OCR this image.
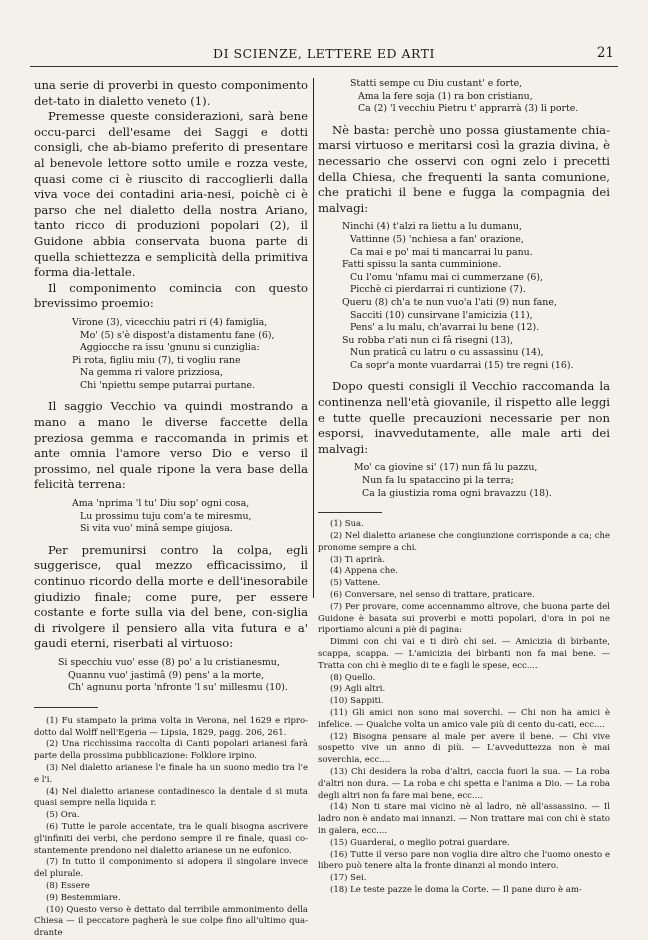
DI SCIENZE, LETTERE ED ARTI	21

una serie di proverbi in questo componimento det-tato in dialetto veneto (1).

Premesse queste considerazioni, sarà bene occu-parci dell'esame dei Saggi e dotti consigli, che ab-biamo preferito di presentare al benevole lettore sotto umile e rozza veste, quasi come ci è riuscito di raccoglierli dalla viva voce dei contadini aria-nesi, poichè ci è parso che nel dialetto della nostra Ariano, tanto ricco di produzioni popolari (2), il Guidone abbia conservata buona parte di quella schiettezza e semplicità della primitiva forma dia-lettale.

Il componimento comincia con questo brevissimo proemio:

Virone (3), vicecchiu patri ri (4) famiglia,
Mo' (5) s'è dispost'a distamentu fane (6),
Aggiocche ra issu 'gnunu si cunziglia:
Pi rota, figliu miu (7), ti vogliu rane
Na gemma ri valore prizziosa,
Chi 'npiettu sempe putarrai purtane.

Il saggio Vecchio va quindi mostrando a mano a mano le diverse faccette della preziosa gemma e raccomanda in primis et ante omnia l'amore verso Dio e verso il prossimo, nel quale ripone la vera base della felicità terrena:

Ama 'nprima 'l tu' Diu sop' ogni cosa,
Lu prossimu tuju com'a te miresmu,
Si vita vuo' minâ sempe giujosa.

Per premunirsi contro la colpa, egli suggerisce, qual mezzo efficacissimo, il continuo ricordo della morte e dell'inesorabile giudizio finale; come pure, per essere costante e forte sulla via del bene, con-siglia di rivolgere il pensiero alla vita futura e a' gaudi eterni, riserbati al virtuoso:

Si specchiu vuo' esse (8) po' a lu cristianesmu,
Quannu vuo' jastimâ (9) pens' a la morte,
Ch' agnunu porta 'nfronte 'l su' millesmu (10).

(1) Fu stampato la prima volta in Verona, nel 1629 e ripro-dotto dal Wolff nell'Egeria — Lipsia, 1829, pagg. 206, 261.

(2) Una ricchissima raccolta di Canti popolari arianesi farà parte della prossima pubblicazione: Folklore irpino.

(3) Nel dialetto arianese l'e finale ha un suono medio tra l'e e l'i.

(4) Nel dialetto arianese contadinesco la dentale d si muta quasi sempre nella liquida r.

(5) Ora.

(6) Tutte le parole accentate, tra le quali bisogna ascrivere gl'infiniti dei verbi, che perdono sempre il re finale, quasi co-stantemente prendono nel dialetto arianese un ne eufonico.

(7) In tutto il componimento si adopera il singolare invece del plurale.

(8) Essere

(9) Bestemmiare.

(10) Questo verso è dettato dal terribile ammonimento della Chiesa — il peccatore pagherà le sue colpe fino all'ultimo qua-drante

Statti sempe cu Diu custant' e forte,
Ama la fere soja (1) ra bon cristianu,
Ca (2) 'l vecchiu Pietru t' apprarrà (3) li porte.

Nè basta: perchè uno possa giustamente chia-marsi virtuoso e meritarsi così la grazia divina, è necessario che osservi con ogni zelo i precetti della Chiesa, che frequenti la santa comunione, che pratichi il bene e fugga la compagnia dei malvagi:

Ninchi (4) t'alzi ra liettu a lu dumanu,
Vattinne (5) 'nchiesa a fan' orazione,
Ca mai e po' mai ti mancarrai lu panu.
Fatti spissu la santa cumminione.
Cu l'omu 'nfamu mai ci cummerzane (6),
Picchè ci pierdarrai ri cuntizione (7).
Queru (8) ch'a te nun vuo'a l'ati (9) nun fane,
Sacciti (10) cunsirvane l'amicizia (11),
Pens' a lu malu, ch'avarrai lu bene (12).
Su robba r'ati nun ci fâ risegni (13),
Nun praticâ cu latru o cu assassinu (14),
Ca sopr'a monte vuardarrai (15) tre regni (16).

Dopo questi consigli il Vecchio raccomanda la continenza nell'età giovanile, il rispetto alle leggi e tutte quelle precauzioni necessarie per non esporsi, inavvedutamente, alle male arti dei malvagi:

Mo' ca giovine si' (17) nun fâ lu pazzu,
Nun fa lu spataccino pi la terra;
Ca la giustizia roma ogni bravazzu (18).

(1) Sua.

(2) Nel dialetto arianese che congiunzione corrisponde a ca; che pronome sempre a chi.

(3) Ti aprirà.

(4) Appena che.

(5) Vattene.

(6) Conversare, nel senso di trattare, praticare.

(7) Per provare, come accennammo altrove, che buona parte del Guidone è basata sui proverbi e motti popolari, d'ora in poi ne riportiamo alcuni a piè di pagina:

Dimmi con chi vai e ti dirò chi sei. — Amicizia di birbante, scappa, scappa. — L'amicizia dei birbanti non fa mai bene. — Tratta con chi è meglio di te e fagli le spese, ecc....

(8) Quello.

(9) Agli altri.

(10) Sappiti.

(11) Gli amici non sono mai soverchi. — Chi non ha amici è infelice. — Qualche volta un amico vale più di cento du-cati, ecc....

(12) Bisogna pensare al male per avere il bene. — Chi vive sospetto vive un anno di più. — L'avveduttezza non è mai soverchia, ecc....

(13) Chi desidera la roba d'altri, caccia fuori la sua. — La roba d'altri non dura. — La roba e chi spetta e l'anima a Dio. — La roba degli altri non fa fare mai bene, ecc....

(14) Non ti stare mai vicino nè al ladro, nè all'assassino. — Il ladro non è andato mai innanzi. — Non trattare mai con chi è stato in galera, ecc....

(15) Guarderai, o meglio potrai guardare.

(16) Tutte il verso pare non voglia dire altro che l'uomo onesto e libero può tenere alta la fronte dinanzi al mondo intero.

(17) Sei.

(18) Le teste pazze le doma la Corte. — Il pane duro è am-
